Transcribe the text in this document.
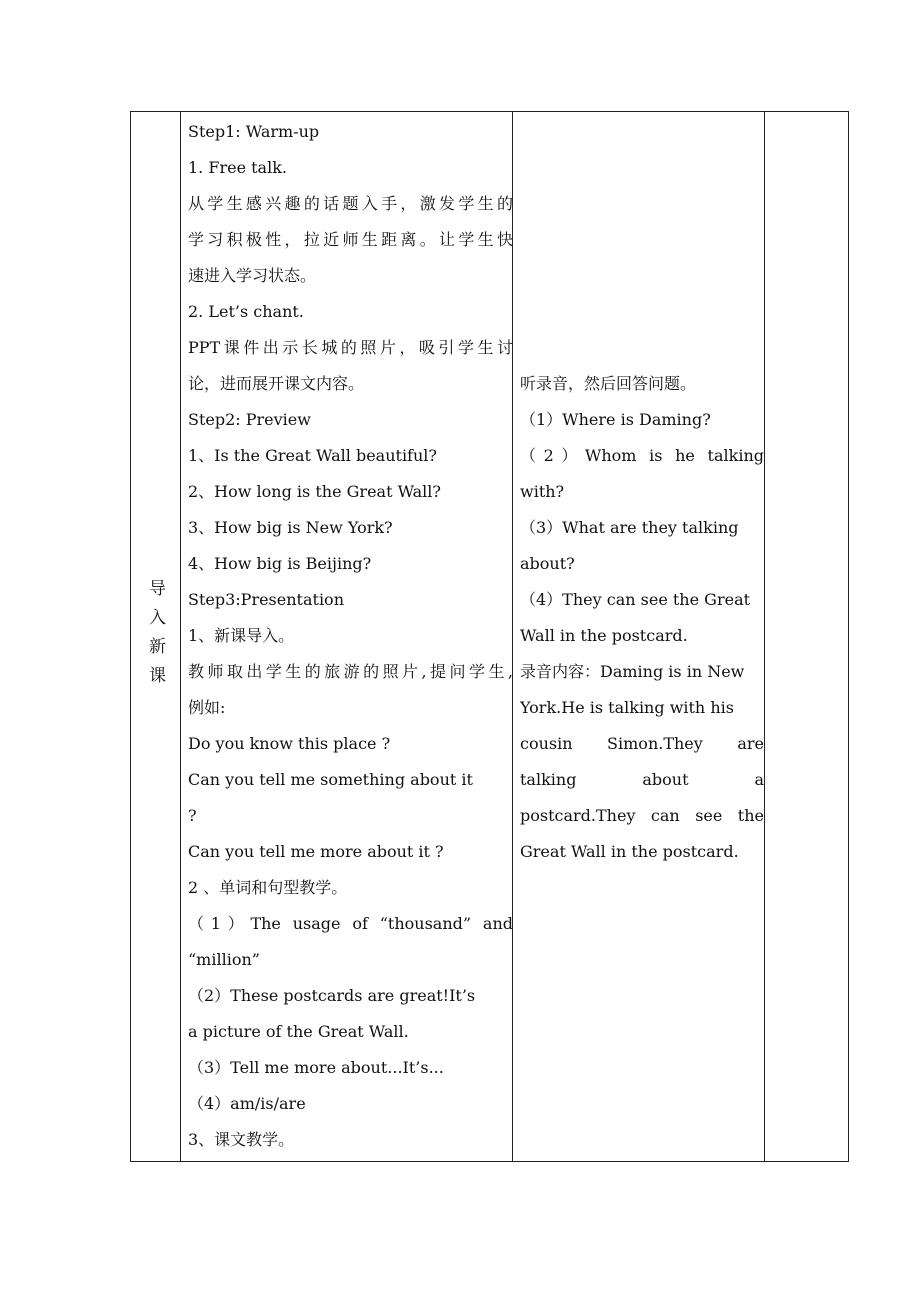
导入新课
Step1: Warm-up
1. Free talk.
从学生感兴趣的话题入手，激发学生的
学习积极性，拉近师生距离。让学生快
速进入学习状态。
2. Let’s chant.
PPT课件出示长城的照片，吸引学生讨
论，进而展开课文内容。
Step2: Preview
1、Is the Great Wall beautiful?
2、How long is the Great Wall?
3、How big is New York?
4、How big is Beijing?
Step3:Presentation
1、新课导入。
教师取出学生的旅游的照片,提问学生,
例如:
Do you know this place ?
Can you tell me something about it
?
Can you tell me more about it ?
2 、单词和句型教学。
（1）The usage of “thousand” and
“million”
（2）These postcards are great!It’s
a picture of the Great Wall.
（3）Tell me more about...It’s...
（4）am/is/are
3、课文教学。
听录音，然后回答问题。
（1）Where is Daming?
（2）Whom is he talking
with?
（3）What are they talking
about?
（4）They can see the Great
Wall in the postcard.
录音内容：Daming is in New
York.He is talking with his
cousin Simon.They are
talking about a
postcard.They can see the
Great Wall in the postcard.
